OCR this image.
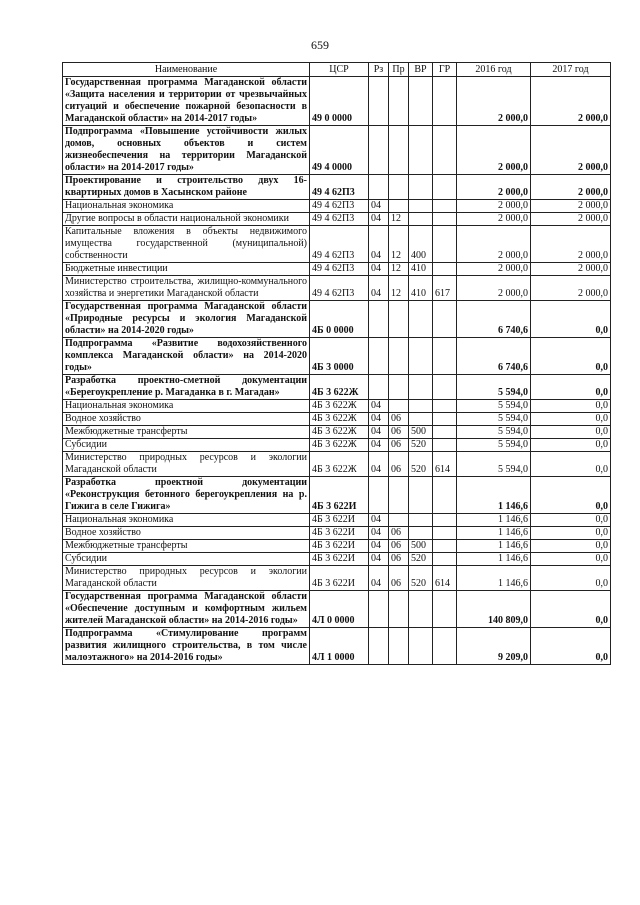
659
Наименование	ЦСР	Рз	Пр	ВР	ГР	2016 год	2017 год
Государственная программа Магаданской области «Защита населения и территории от чрезвычайных ситуаций и обеспечение пожарной безопасности в Магаданской области» на 2014-2017 годы»	49 0 0000					2 000,0	2 000,0
Подпрограмма «Повышение устойчивости жилых домов, основных объектов и систем жизнеобеспечения на территории Магаданской области» на 2014-2017 годы»	49 4 0000					2 000,0	2 000,0
Проектирование и строительство двух 16-квартирных домов в Хасынском районе	49 4 62П3					2 000,0	2 000,0
Национальная экономика	49 4 62П3	04				2 000,0	2 000,0
Другие вопросы в области национальной экономики	49 4 62П3	04	12			2 000,0	2 000,0
Капитальные вложения в объекты недвижимого имущества государственной (муниципальной) собственности	49 4 62П3	04	12	400		2 000,0	2 000,0
Бюджетные инвестиции	49 4 62П3	04	12	410		2 000,0	2 000,0
Министерство строительства, жилищно-коммунального хозяйства и энергетики Магаданской области	49 4 62П3	04	12	410	617	2 000,0	2 000,0
Государственная программа Магаданской области «Природные ресурсы и экология Магаданской области» на 2014-2020 годы»	4Б 0 0000					6 740,6	0,0
Подпрограмма «Развитие водохозяйственного комплекса Магаданской области» на 2014-2020 годы»	4Б 3 0000					6 740,6	0,0
Разработка проектно-сметной документации «Берегоукрепление р. Магаданка в г. Магадан»	4Б 3 622Ж					5 594,0	0,0
Национальная экономика	4Б 3 622Ж	04				5 594,0	0,0
Водное хозяйство	4Б 3 622Ж	04	06			5 594,0	0,0
Межбюджетные трансферты	4Б 3 622Ж	04	06	500		5 594,0	0,0
Субсидии	4Б 3 622Ж	04	06	520		5 594,0	0,0
Министерство природных ресурсов и экологии Магаданской области	4Б 3 622Ж	04	06	520	614	5 594,0	0,0
Разработка проектной документации «Реконструкция бетонного берегоукрепления на р. Гижига в селе Гижига»	4Б 3 622И					1 146,6	0,0
Национальная экономика	4Б 3 622И	04				1 146,6	0,0
Водное хозяйство	4Б 3 622И	04	06			1 146,6	0,0
Межбюджетные трансферты	4Б 3 622И	04	06	500		1 146,6	0,0
Субсидии	4Б 3 622И	04	06	520		1 146,6	0,0
Министерство природных ресурсов и экологии Магаданской области	4Б 3 622И	04	06	520	614	1 146,6	0,0
Государственная программа Магаданской области «Обеспечение доступным и комфортным жильем жителей Магаданской области» на 2014-2016 годы»	4Л 0 0000					140 809,0	0,0
Подпрограмма «Стимулирование программ развития жилищного строительства, в том числе малоэтажного» на 2014-2016 годы»	4Л 1 0000					9 209,0	0,0
